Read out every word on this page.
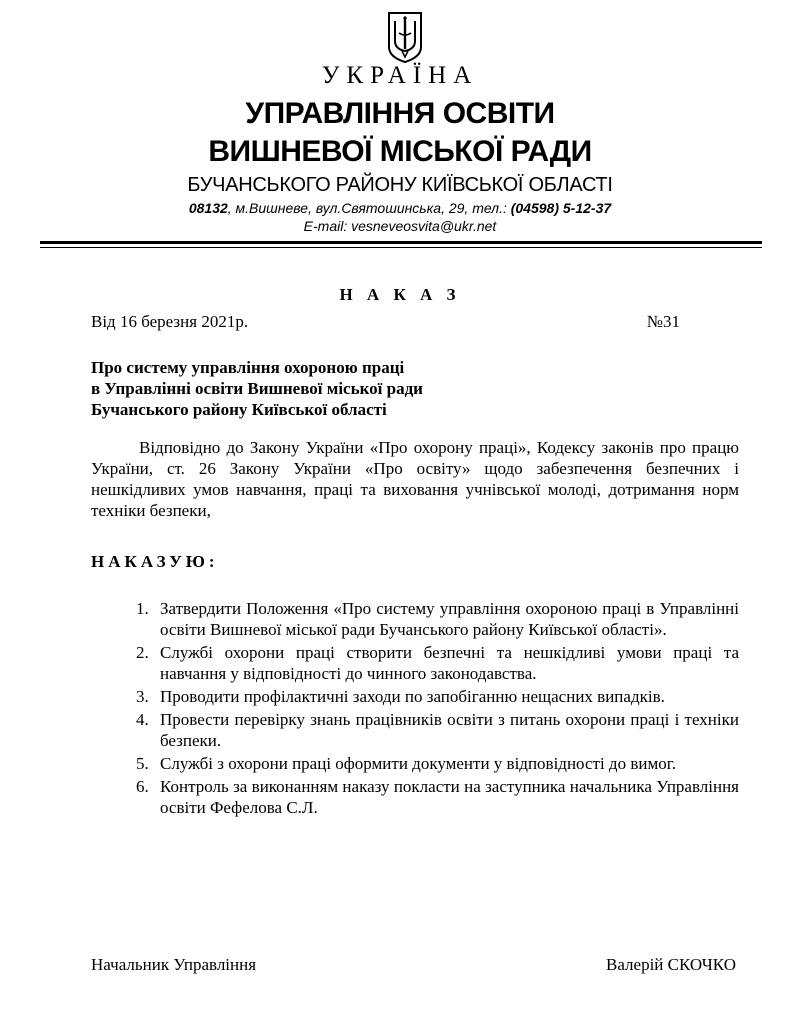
УКРАЇНА
УПРАВЛІННЯ ОСВІТИ
ВИШНЕВОЇ МІСЬКОЇ РАДИ
БУЧАНСЬКОГО РАЙОНУ КИЇВСЬКОЇ ОБЛАСТІ
08132, м.Вишневе, вул.Святошинська, 29, тел.: (04598) 5-12-37
E-mail: vesneveosvita@ukr.net
Н А К А З
Від 16 березня 2021р.	№31
Про систему управління охороною праці
в Управлінні освіти Вишневої міської ради
Бучанського району Київської області
Відповідно до Закону України «Про охорону праці», Кодексу законів про працю України, ст. 26 Закону України «Про освіту» щодо забезпечення безпечних і нешкідливих умов навчання, праці та виховання учнівської молоді, дотримання норм техніки безпеки,
НАКАЗУЮ:
1. Затвердити Положення «Про систему управління охороною праці в Управлінні освіти Вишневої міської ради Бучанського району Київської області».
2. Службі охорони праці створити безпечні та нешкідливі умови праці та навчання у відповідності до чинного законодавства.
3. Проводити профілактичні заходи по запобіганню нещасних випадків.
4. Провести перевірку знань працівників освіти з питань охорони праці і техніки безпеки.
5. Службі з охорони праці оформити документи у відповідності до вимог.
6. Контроль за виконанням наказу покласти на заступника начальника Управління освіти Фефелова С.Л.
Начальник Управління	Валерій СКОЧКО
